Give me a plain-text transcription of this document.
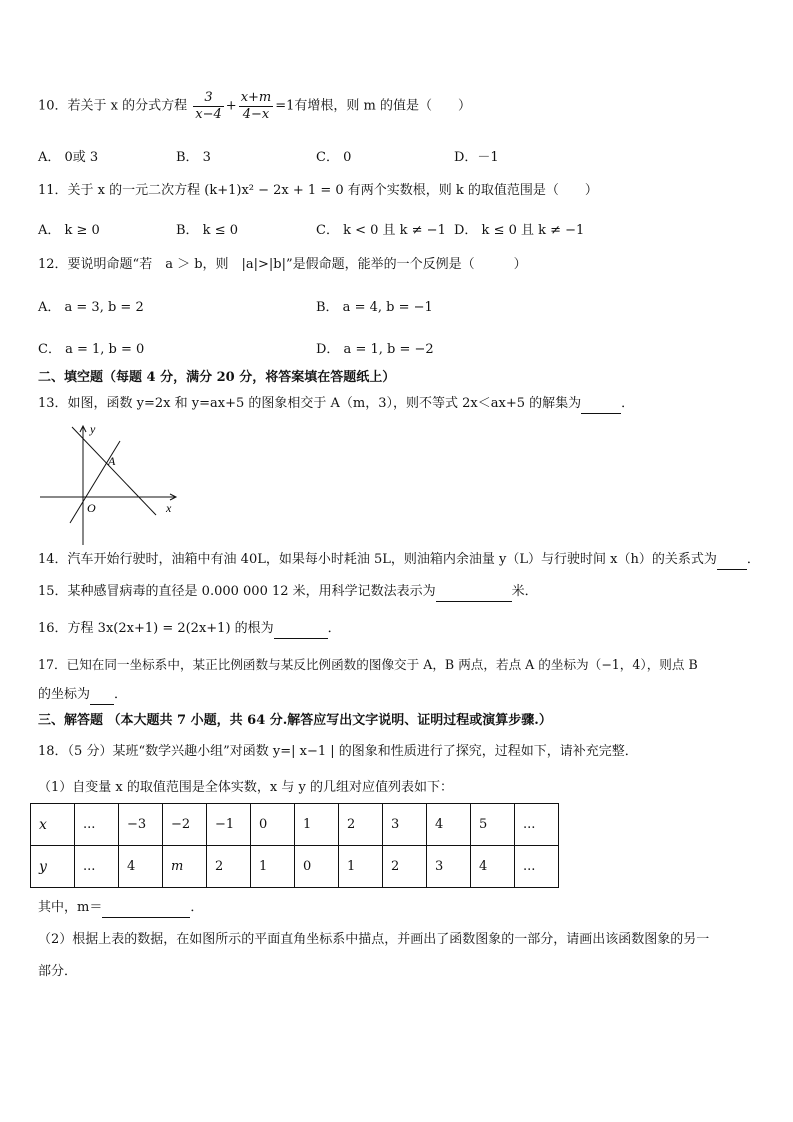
10．若关于 x 的分式方程 $\frac{3}{x-4} + \frac{x+m}{4-x} =1$有增根，则 m 的值是（　　）
A． 0或 3	B． 3	C． 0	D．－1
11．关于 x 的一元二次方程 (k+1)x² − 2x + 1 = 0 有两个实数根，则 k 的取值范围是（　　）
A． k ≥ 0	B． k ≤ 0	C． k < 0 且 k ≠ −1 D． k ≤ 0 且 k ≠ −1
12．要说明命题“若　a ＞ b，则　|a|>|b|”是假命题，能举的一个反例是（　　　）
A． a = 3, b = 2	B． a = 4, b = −1
C． a = 1, b = 0	D． a = 1, b = −2
二、填空题（每题 4 分，满分 20 分，将答案填在答题纸上）
13．如图，函数 y=2x 和 y=ax+5 的图象相交于 A（m，3），则不等式 2x＜ax+5 的解集为	．
y
x
O
A
14．汽车开始行驶时，油箱中有油 40L，如果每小时耗油 5L，则油箱内余油量 y（L）与行驶时间 x（h）的关系式为 ．
15．某种感冒病毒的直径是 0.000 000 12 米，用科学记数法表示为	米．
16．方程 3x(2x+1) = 2(2x+1) 的根为	．
17．已知在同一坐标系中，某正比例函数与某反比例函数的图像交于 A，B 两点，若点 A 的坐标为（−1，4），则点 B
的坐标为 ．
三、解答题 （本大题共 7 小题，共 64 分.解答应写出文字说明、证明过程或演算步骤.）
18．（5 分）某班“数学兴趣小组”对函数 y=| x−1 | 的图象和性质进行了探究，过程如下，请补充完整．
（1）自变量 x 的取值范围是全体实数，x 与 y 的几组对应值列表如下：
x	...	−3	−2	−1	0	1	2	3	4	5	...
y	...	4	m	2	1	0	1	2	3	4	...
其中，m＝	．
（2）根据上表的数据，在如图所示的平面直角坐标系中描点，并画出了函数图象的一部分，请画出该函数图象的另一
部分．
